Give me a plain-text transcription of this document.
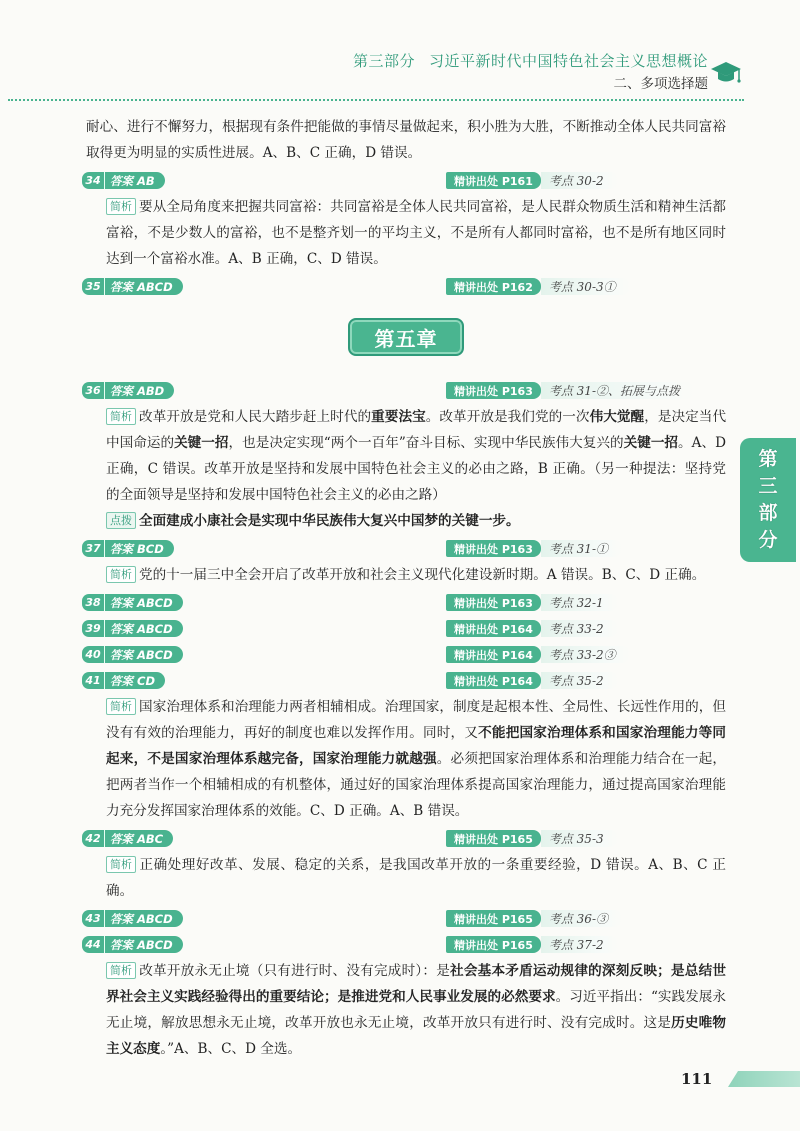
第三部分 习近平新时代中国特色社会主义思想概论
二、多项选择题
第
三
部
分

耐心、进行不懈努力，根据现有条件把能做的事情尽量做起来，积小胜为大胜，不断推动全体人民共同富裕取得更为明显的实质性进展。A、B、C 正确，D 错误。

34 答案 AB	精讲出处 P161	考点 30-2

简析 要从全局角度来把握共同富裕：共同富裕是全体人民共同富裕，是人民群众物质生活和精神生活都富裕，不是少数人的富裕，也不是整齐划一的平均主义，不是所有人都同时富裕，也不是所有地区同时达到一个富裕水准。A、B 正确，C、D 错误。

35 答案 ABCD	精讲出处 P162	考点 30-3①
第五章
36 答案 ABD	精讲出处 P163	考点 31-②、拓展与点拨

简析 改革开放是党和人民大踏步赶上时代的重要法宝。改革开放是我们党的一次伟大觉醒，是决定当代中国命运的关键一招，也是决定实现“两个一百年”奋斗目标、实现中华民族伟大复兴的关键一招。A、D 正确，C 错误。改革开放是坚持和发展中国特色社会主义的必由之路，B 正确。（另一种提法：坚持党的全面领导是坚持和发展中国特色社会主义的必由之路）

点拨 全面建成小康社会是实现中华民族伟大复兴中国梦的关键一步。

37 答案 BCD	精讲出处 P163	考点 31-①

简析 党的十一届三中全会开启了改革开放和社会主义现代化建设新时期。A 错误。B、C、D 正确。

38 答案 ABCD	精讲出处 P163	考点 32-1
39 答案 ABCD	精讲出处 P164	考点 33-2
40 答案 ABCD	精讲出处 P164	考点 33-2③
41 答案 CD	精讲出处 P164	考点 35-2

简析 国家治理体系和治理能力两者相辅相成。治理国家，制度是起根本性、全局性、长远性作用的，但没有有效的治理能力，再好的制度也难以发挥作用。同时，又不能把国家治理体系和国家治理能力等同起来，不是国家治理体系越完备，国家治理能力就越强。必须把国家治理体系和治理能力结合在一起，把两者当作一个相辅相成的有机整体，通过好的国家治理体系提高国家治理能力，通过提高国家治理能力充分发挥国家治理体系的效能。C、D 正确。A、B 错误。

42 答案 ABC	精讲出处 P165	考点 35-3

简析 正确处理好改革、发展、稳定的关系，是我国改革开放的一条重要经验，D 错误。A、B、C 正确。

43 答案 ABCD	精讲出处 P165	考点 36-③
44 答案 ABCD	精讲出处 P165	考点 37-2

简析 改革开放永无止境（只有进行时、没有完成时）：是社会基本矛盾运动规律的深刻反映；是总结世界社会主义实践经验得出的重要结论；是推进党和人民事业发展的必然要求。习近平指出：“实践发展永无止境，解放思想永无止境，改革开放也永无止境，改革开放只有进行时、没有完成时。这是历史唯物主义态度。”A、B、C、D 全选。

111
